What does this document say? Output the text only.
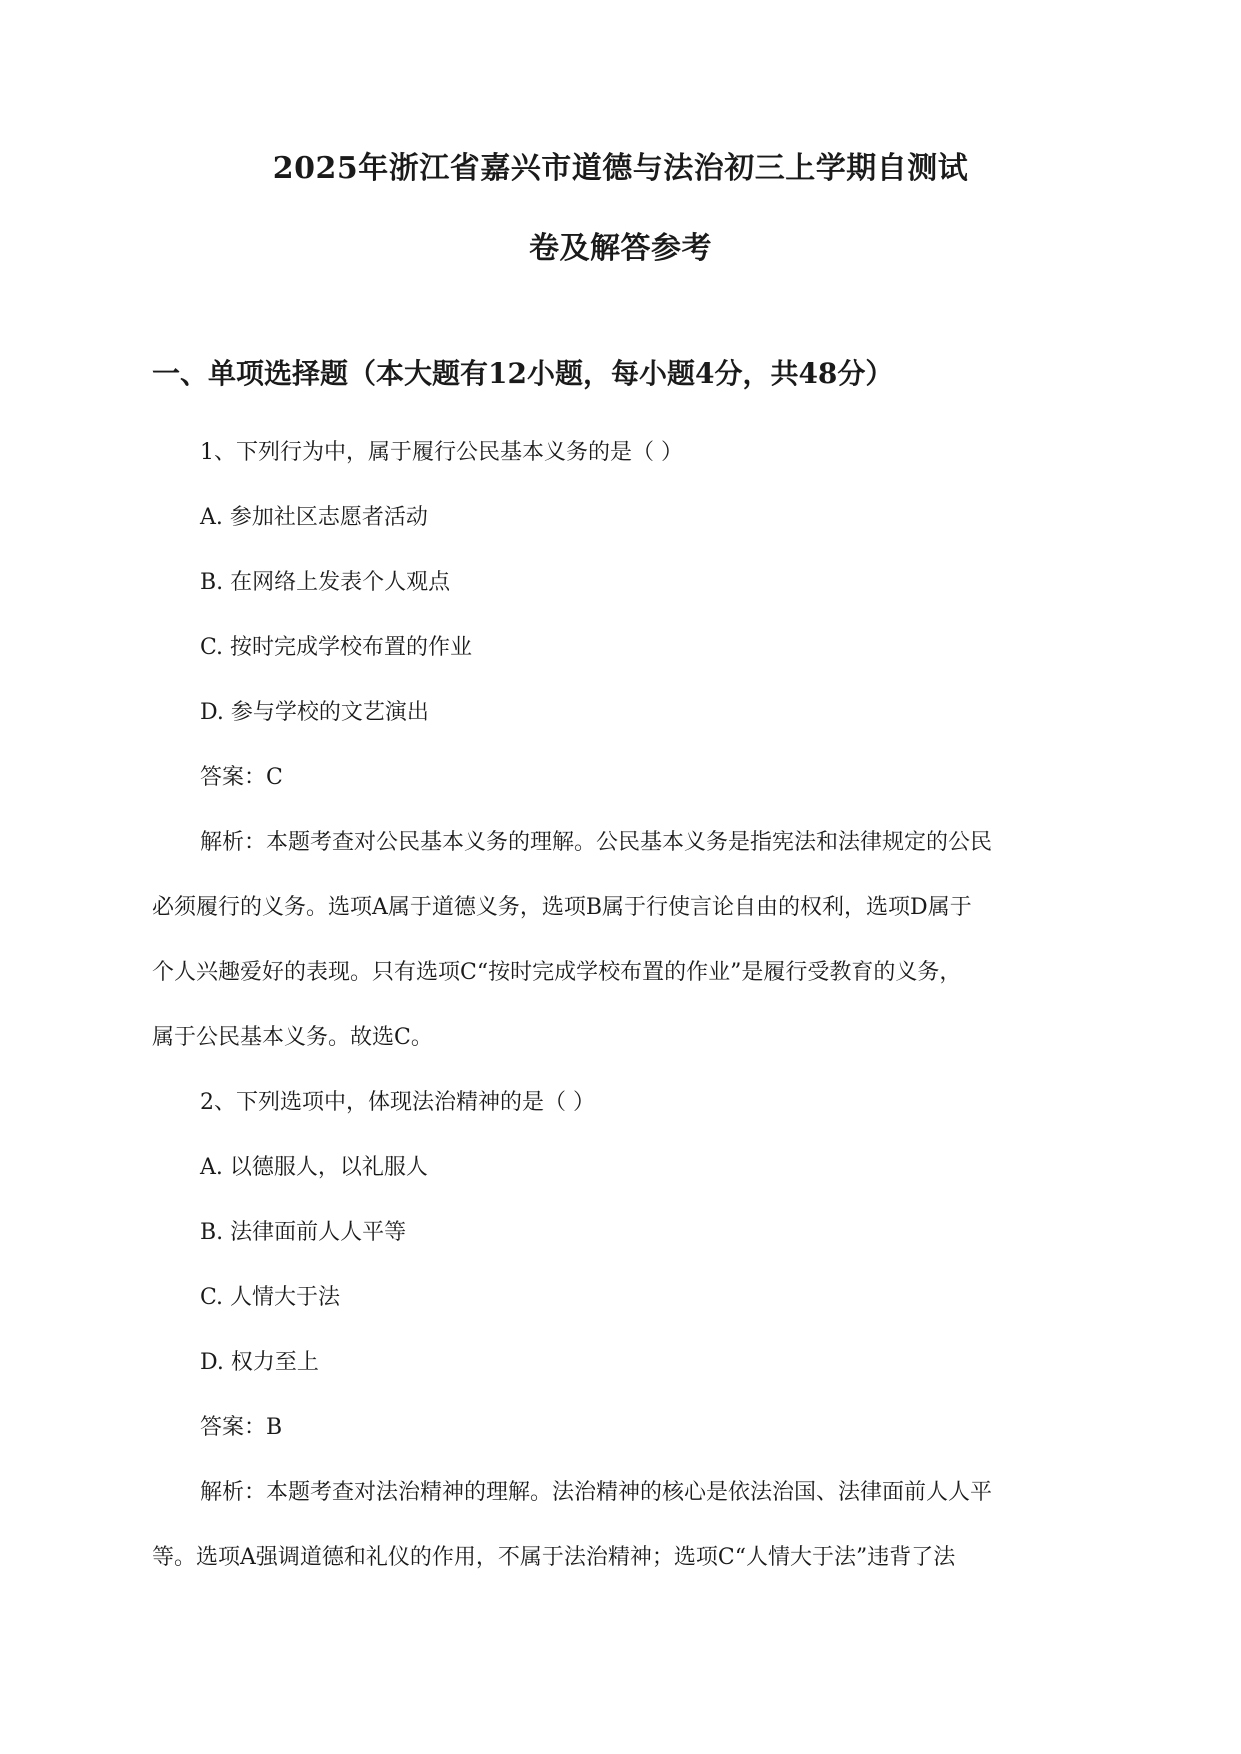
2025年浙江省嘉兴市道德与法治初三上学期自测试
卷及解答参考
一、单项选择题（本大题有12小题，每小题4分，共48分）
1、下列行为中，属于履行公民基本义务的是（ ）
A. 参加社区志愿者活动
B. 在网络上发表个人观点
C. 按时完成学校布置的作业
D. 参与学校的文艺演出
答案：C
解析：本题考查对公民基本义务的理解。公民基本义务是指宪法和法律规定的公民
必须履行的义务。选项A属于道德义务，选项B属于行使言论自由的权利，选项D属于
个人兴趣爱好的表现。只有选项C“按时完成学校布置的作业”是履行受教育的义务，
属于公民基本义务。故选C。
2、下列选项中，体现法治精神的是（ ）
A. 以德服人，以礼服人
B. 法律面前人人平等
C. 人情大于法
D. 权力至上
答案：B
解析：本题考查对法治精神的理解。法治精神的核心是依法治国、法律面前人人平
等。选项A强调道德和礼仪的作用，不属于法治精神；选项C“人情大于法”违背了法
